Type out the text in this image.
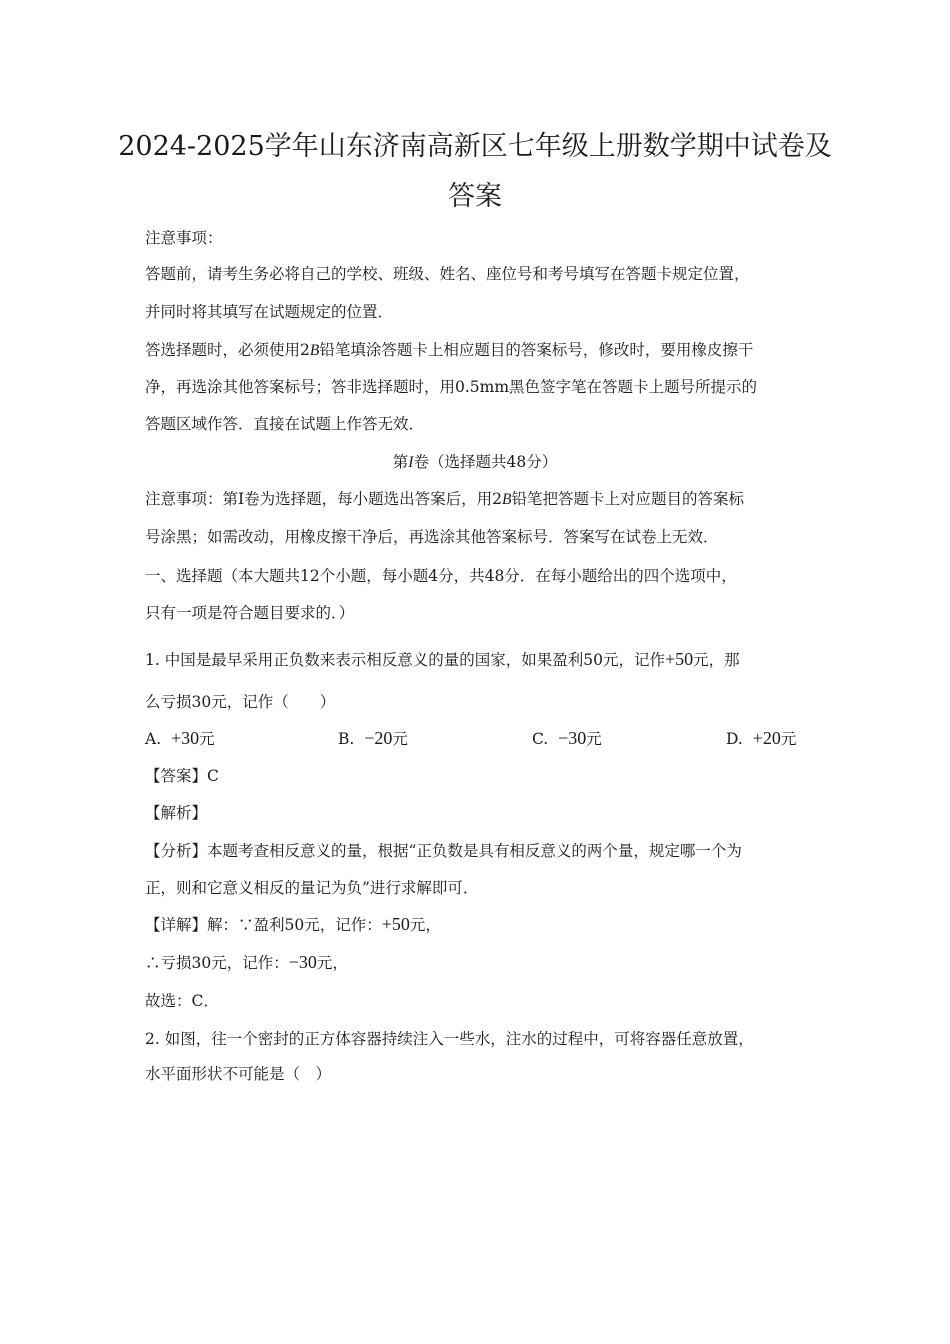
2024-2025学年山东济南高新区七年级上册数学期中试卷及答案
注意事项：
答题前，请考生务必将自己的学校、班级、姓名、座位号和考号填写在答题卡规定位置，
并同时将其填写在试题规定的位置．
答选择题时，必须使用2B铅笔填涂答题卡上相应题目的答案标号，修改时，要用橡皮擦干
净，再选涂其他答案标号；答非选择题时，用0.5mm黑色签字笔在答题卡上题号所提示的
答题区域作答．直接在试题上作答无效．
第I卷（选择题共48分）
注意事项：第Ⅰ卷为选择题，每小题选出答案后，用2B铅笔把答题卡上对应题目的答案标
号涂黑；如需改动，用橡皮擦干净后，再选涂其他答案标号．答案写在试卷上无效．
一、选择题（本大题共12个小题，每小题4分，共48分．在每小题给出的四个选项中，
只有一项是符合题目要求的．）
1. 中国是最早采用正负数来表示相反意义的量的国家，如果盈利50元，记作+50元，那
么亏损30元，记作（　　）
A. +30元	B. −20元	C. −30元	D. +20元
【答案】C
【解析】
【分析】本题考查相反意义的量，根据“正负数是具有相反意义的两个量，规定哪一个为
正，则和它意义相反的量记为负”进行求解即可．
【详解】解：∵盈利50元，记作：+50元，
∴亏损30元，记作：−30元，
故选：C．
2. 如图，往一个密封的正方体容器持续注入一些水，注水的过程中，可将容器任意放置，
水平面形状不可能是（　）
